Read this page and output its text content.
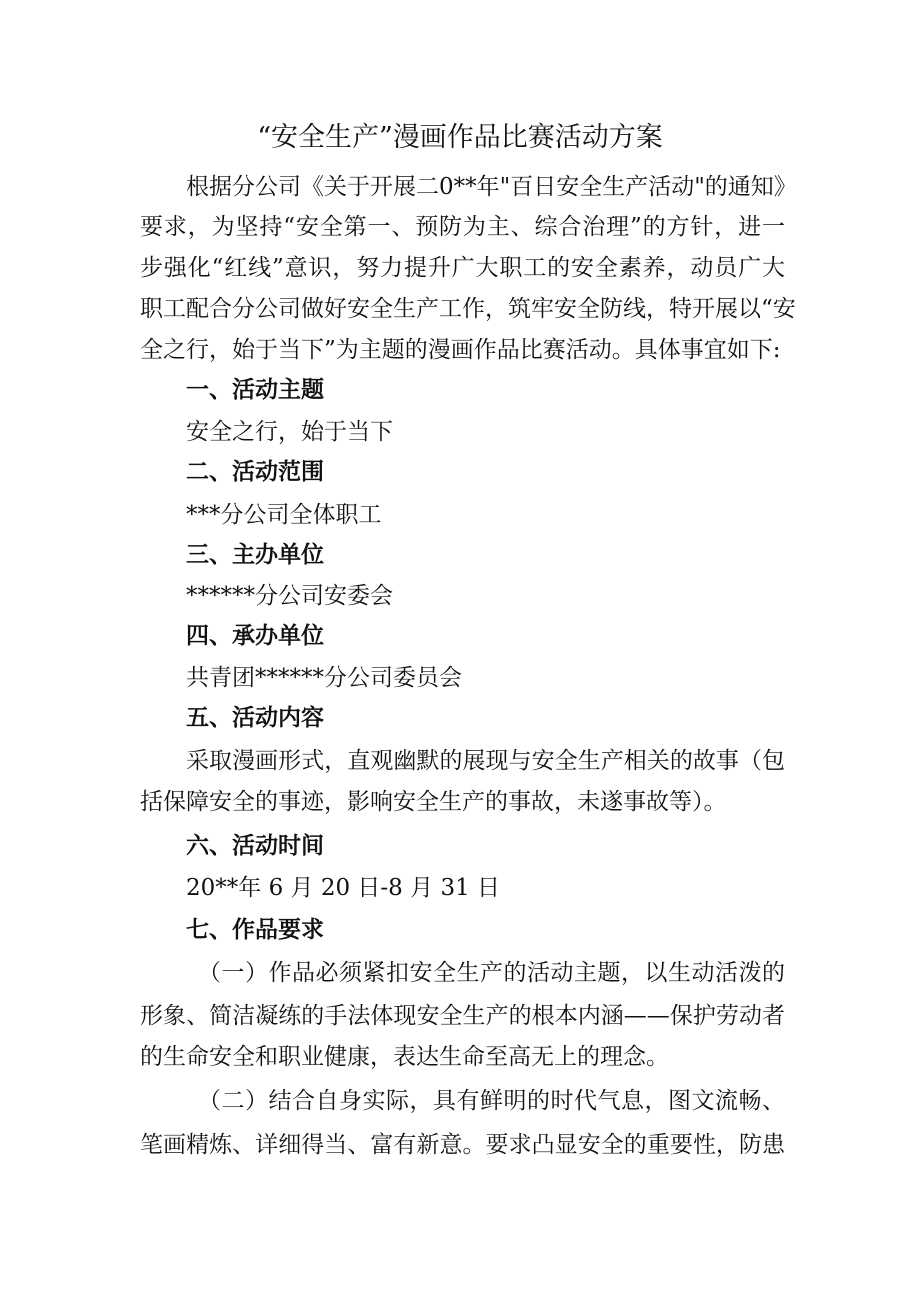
“安全生产”漫画作品比赛活动方案
根据分公司《关于开展二0**年"百日安全生产活动"的通知》
要求，为坚持“安全第一、预防为主、综合治理”的方针，进一
步强化“红线”意识，努力提升广大职工的安全素养，动员广大
职工配合分公司做好安全生产工作，筑牢安全防线，特开展以“安
全之行，始于当下”为主题的漫画作品比赛活动。具体事宜如下:
一、活动主题
安全之行，始于当下
二、活动范围
***分公司全体职工
三、主办单位
******分公司安委会
四、承办单位
共青团******分公司委员会
五、活动内容
采取漫画形式，直观幽默的展现与安全生产相关的故事（包
括保障安全的事迹，影响安全生产的事故，未遂事故等）。
六、活动时间
20**年 6 月 20 日-8 月 31 日
七、作品要求
（一）作品必须紧扣安全生产的活动主题，以生动活泼的
形象、简洁凝练的手法体现安全生产的根本内涵——保护劳动者
的生命安全和职业健康，表达生命至高无上的理念。
（二）结合自身实际，具有鲜明的时代气息，图文流畅、
笔画精炼、详细得当、富有新意。要求凸显安全的重要性，防患
